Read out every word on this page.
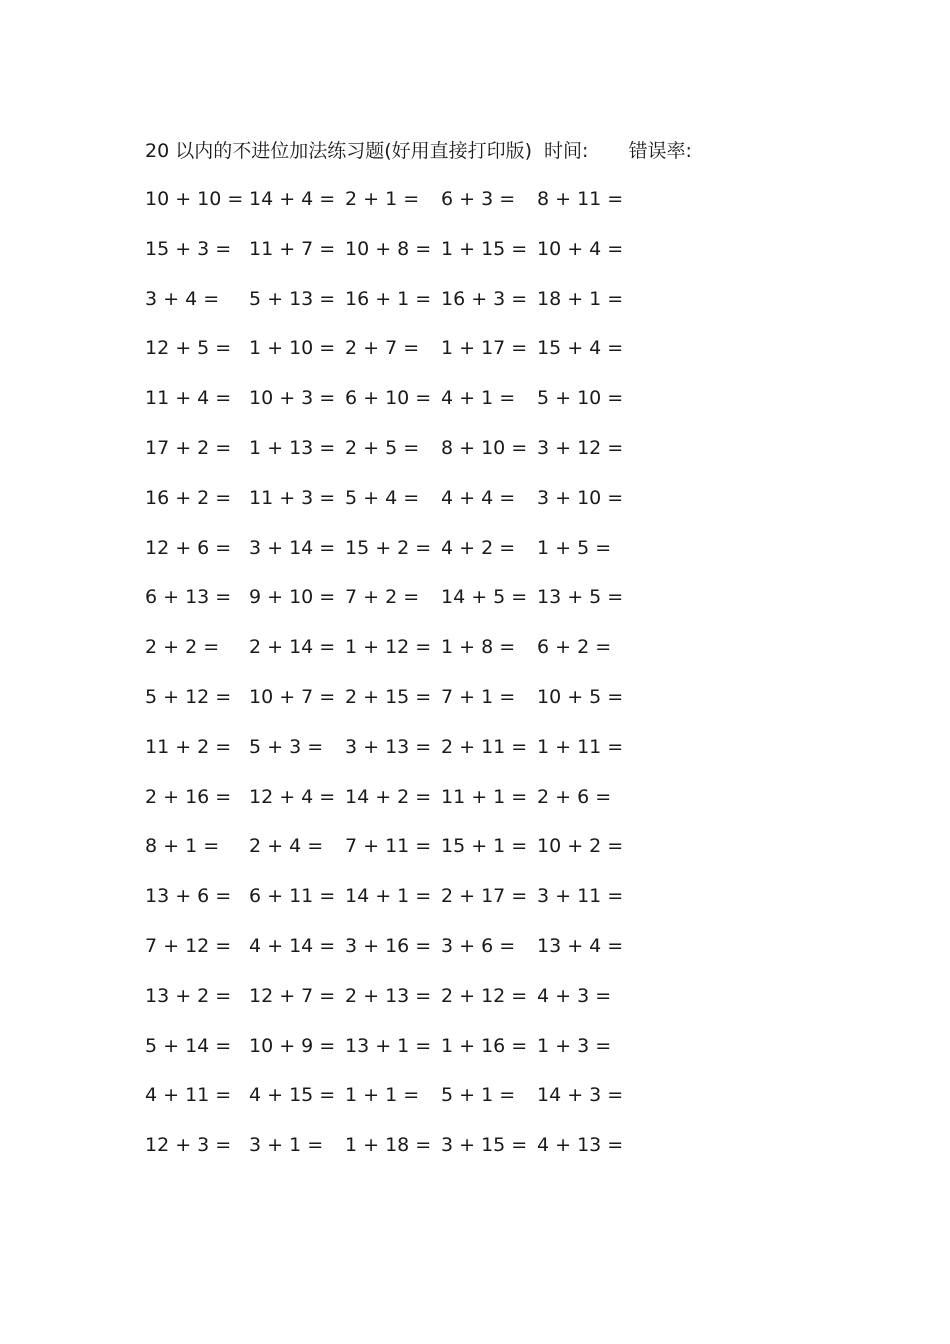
20 以内的不进位加法练习题(好用直接打印版) 时间: 错误率:
10 + 10 = 14 + 4 = 2 + 1 = 6 + 3 = 8 + 11 =
15 + 3 = 11 + 7 = 10 + 8 = 1 + 15 = 10 + 4 =
3 + 4 = 5 + 13 = 16 + 1 = 16 + 3 = 18 + 1 =
12 + 5 = 1 + 10 = 2 + 7 = 1 + 17 = 15 + 4 =
11 + 4 = 10 + 3 = 6 + 10 = 4 + 1 = 5 + 10 =
17 + 2 = 1 + 13 = 2 + 5 = 8 + 10 = 3 + 12 =
16 + 2 = 11 + 3 = 5 + 4 = 4 + 4 = 3 + 10 =
12 + 6 = 3 + 14 = 15 + 2 = 4 + 2 = 1 + 5 =
6 + 13 = 9 + 10 = 7 + 2 = 14 + 5 = 13 + 5 =
2 + 2 = 2 + 14 = 1 + 12 = 1 + 8 = 6 + 2 =
5 + 12 = 10 + 7 = 2 + 15 = 7 + 1 = 10 + 5 =
11 + 2 = 5 + 3 = 3 + 13 = 2 + 11 = 1 + 11 =
2 + 16 = 12 + 4 = 14 + 2 = 11 + 1 = 2 + 6 =
8 + 1 = 2 + 4 = 7 + 11 = 15 + 1 = 10 + 2 =
13 + 6 = 6 + 11 = 14 + 1 = 2 + 17 = 3 + 11 =
7 + 12 = 4 + 14 = 3 + 16 = 3 + 6 = 13 + 4 =
13 + 2 = 12 + 7 = 2 + 13 = 2 + 12 = 4 + 3 =
5 + 14 = 10 + 9 = 13 + 1 = 1 + 16 = 1 + 3 =
4 + 11 = 4 + 15 = 1 + 1 = 5 + 1 = 14 + 3 =
12 + 3 = 3 + 1 = 1 + 18 = 3 + 15 = 4 + 13 =
